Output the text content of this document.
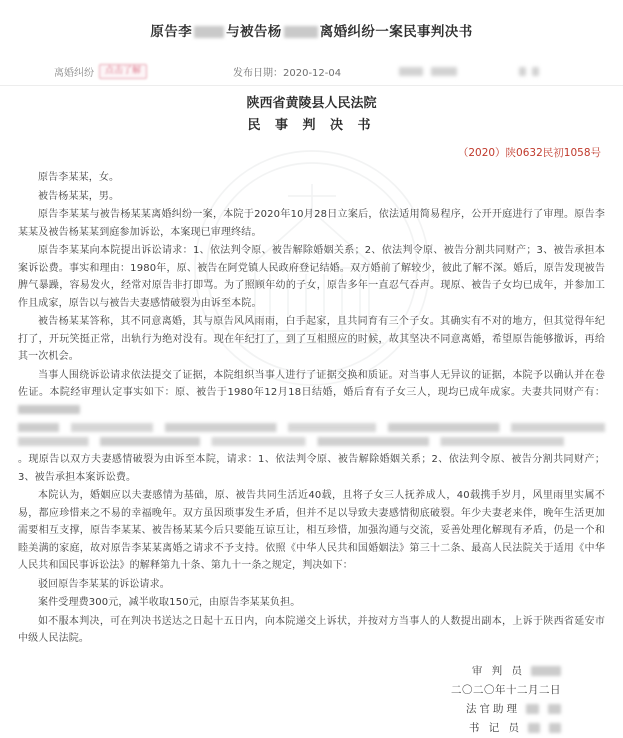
原告李	与被告杨	离婚纠纷一案民事判决书
离婚纠纷	点击了解	发布日期：2020-12-04
陕西省黄陵县人民法院
民 事 判 决 书
（2020）陕0632民初1058号

原告李某某，女。

被告杨某某，男。

原告李某某与被告杨某某离婚纠纷一案，本院于2020年10月28日立案后，依法适用简易程序，公开开庭进行了审理。原告李某某及被告杨某某到庭参加诉讼，本案现已审理终结。

原告李某某向本院提出诉讼请求：1、依法判令原、被告解除婚姻关系；2、依法判令原、被告分割共同财产；3、被告承担本案诉讼费。事实和理由：1980年，原、被告在阿党镇人民政府登记结婚。双方婚前了解较少，彼此了解不深。婚后，原告发现被告脾气暴躁，容易发火，经常对原告非打即骂。为了照顾年幼的子女，原告多年一直忍气吞声。现原、被告子女均已成年，并参加工作且成家，原告以与被告夫妻感情破裂为由诉至本院。

被告杨某某答称，其不同意离婚，其与原告风风雨雨，白手起家，且共同育有三个子女。其确实有不对的地方，但其觉得年纪打了，开玩笑挺正常，出轨行为绝对没有。现在年纪打了，到了互相照应的时候，故其坚决不同意离婚，希望原告能够撤诉，再给其一次机会。

当事人围绕诉讼请求依法提交了证据，本院组织当事人进行了证据交换和质证。对当事人无异议的证据，本院予以确认并在卷佐证。本院经审理认定事实如下：原、被告于1980年12月18日结婚，婚后育有子女三人，现均已成年成家。夫妻共同财产有：

。现原告以双方夫妻感情破裂为由诉至本院，请求：1、依法判令原、被告解除婚姻关系；2、依法判令原、被告分割共同财产；3、被告承担本案诉讼费。

本院认为，婚姻应以夫妻感情为基础，原、被告共同生活近40载，且将子女三人抚养成人，40载携手岁月，风里雨里实属不易，都应珍惜来之不易的幸福晚年。双方虽因琐事发生矛盾，但并不足以导致夫妻感情彻底破裂。年少夫妻老来伴，晚年生活更加需要相互支撑，原告李某某、被告杨某某今后只要能互谅互让，相互珍惜，加强沟通与交流，妥善处理化解现有矛盾，仍是一个和睦美满的家庭，故对原告李某某离婚之请求不予支持。依照《中华人民共和国婚姻法》第三十二条、最高人民法院关于适用《中华人民共和国民事诉讼法》的解释第九十条、第九十一条之规定，判决如下：

驳回原告李某某的诉讼请求。

案件受理费300元，减半收取150元，由原告李某某负担。

如不服本判决，可在判决书送达之日起十五日内，向本院递交上诉状，并按对方当事人的人数提出副本，上诉于陕西省延安市中级人民法院。

审 判 员
二〇二〇年十二月二日
法官助理
书 记 员
